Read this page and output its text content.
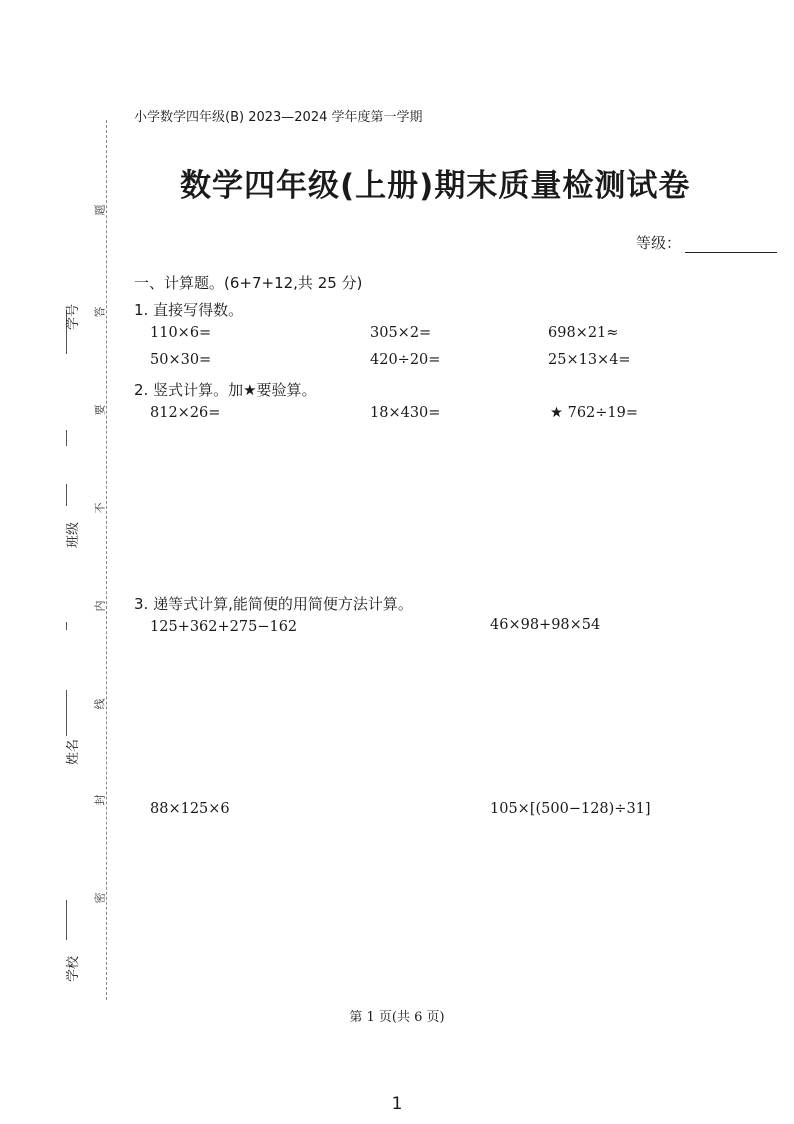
小学数学四年级(B) 2023—2024 学年度第一学期
数学四年级(上册)期末质量检测试卷
等级：
学号
班级
姓名
学校
题
答
要
不
内
线
封
密
一、计算题。(6+7+12,共 25 分)
1. 直接写得数。
110×6=	305×2=	698×21≈
50×30=	420÷20=	25×13×4=
2. 竖式计算。加★要验算。
812×26=	18×430=	★ 762÷19=
3. 递等式计算,能简便的用简便方法计算。
125+362+275−162	46×98+98×54
88×125×6	105×[(500−128)÷31]
第 1 页(共 6 页)
1
